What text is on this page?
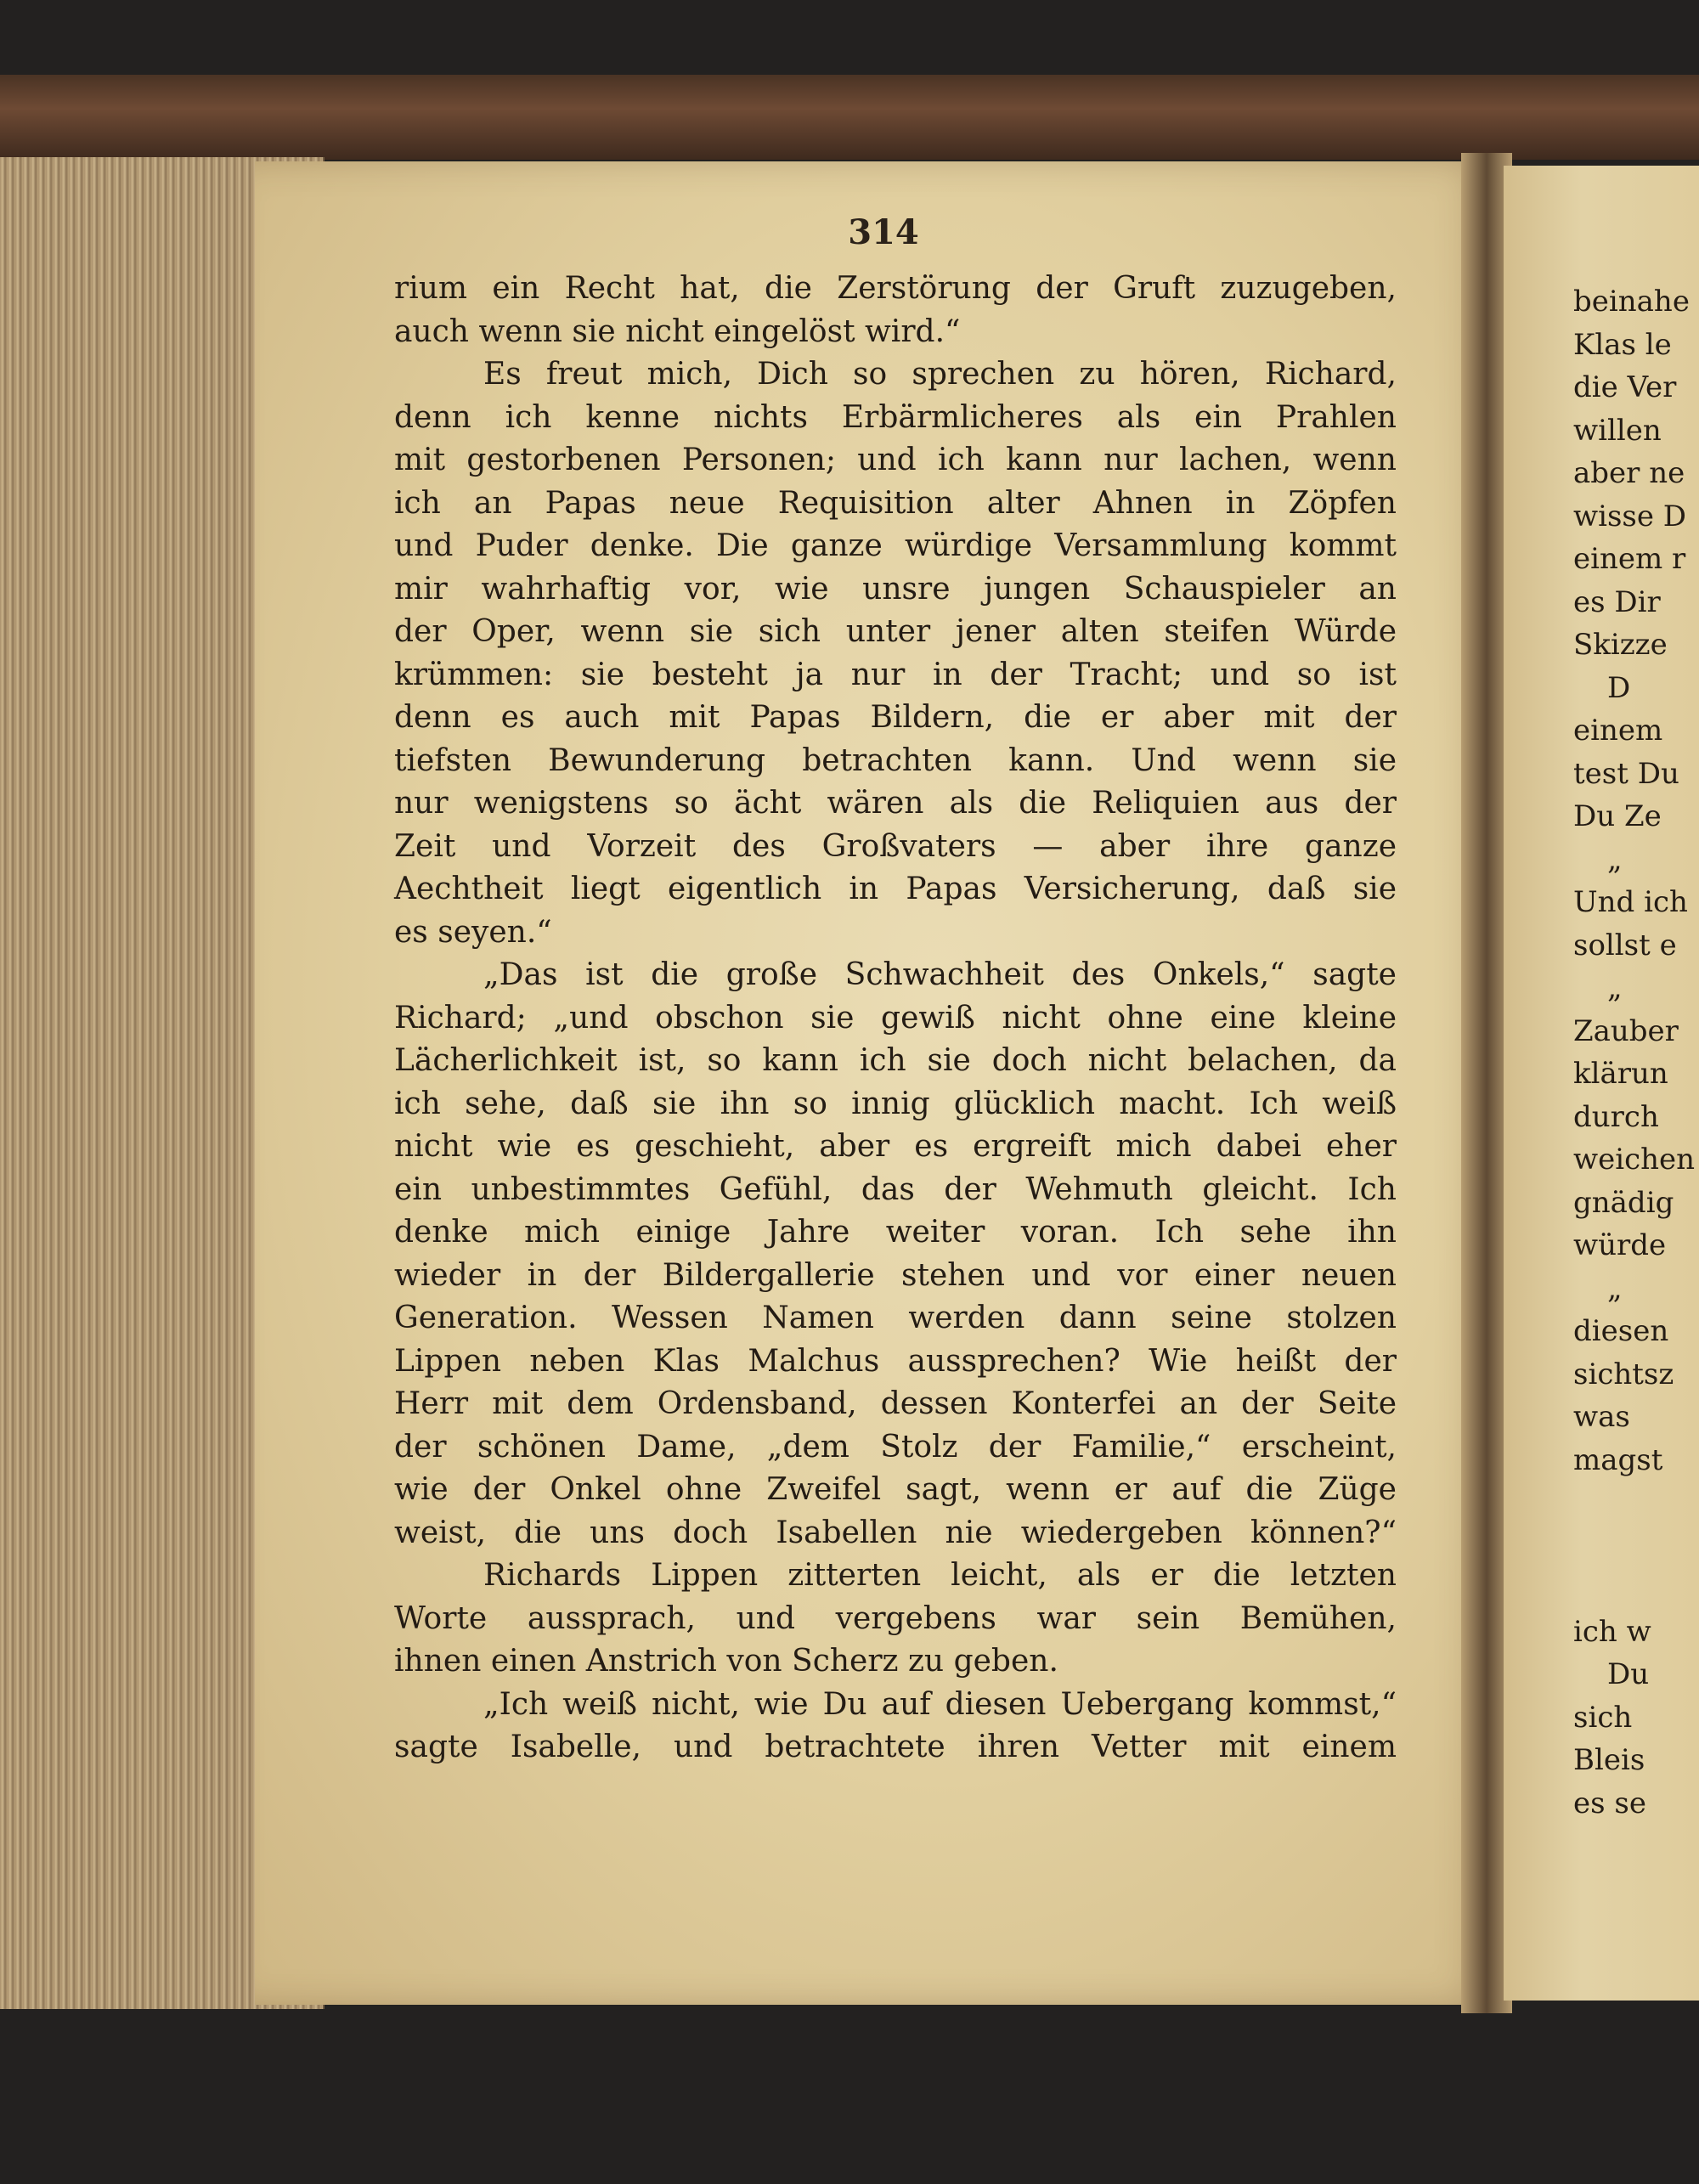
314
rium ein Recht hat, die Zerstörung der Gruft zuzugeben,
auch wenn sie nicht eingelöst wird.“
Es freut mich, Dich so sprechen zu hören, Richard,
denn ich kenne nichts Erbärmlicheres als ein Prahlen
mit gestorbenen Personen; und ich kann nur lachen, wenn
ich an Papas neue Requisition alter Ahnen in Zöpfen
und Puder denke. Die ganze würdige Versammlung kommt
mir wahrhaftig vor, wie unsre jungen Schauspieler an
der Oper, wenn sie sich unter jener alten steifen Würde
krümmen: sie besteht ja nur in der Tracht; und so ist
denn es auch mit Papas Bildern, die er aber mit der
tiefsten Bewunderung betrachten kann. Und wenn sie
nur wenigstens so ächt wären als die Reliquien aus der
Zeit und Vorzeit des Großvaters — aber ihre ganze
Aechtheit liegt eigentlich in Papas Versicherung, daß sie
es seyen.“
„Das ist die große Schwachheit des Onkels,“ sagte
Richard; „und obschon sie gewiß nicht ohne eine kleine
Lächerlichkeit ist, so kann ich sie doch nicht belachen, da
ich sehe, daß sie ihn so innig glücklich macht. Ich weiß
nicht wie es geschieht, aber es ergreift mich dabei eher
ein unbestimmtes Gefühl, das der Wehmuth gleicht. Ich
denke mich einige Jahre weiter voran. Ich sehe ihn
wieder in der Bildergallerie stehen und vor einer neuen
Generation. Wessen Namen werden dann seine stolzen
Lippen neben Klas Malchus aussprechen? Wie heißt der
Herr mit dem Ordensband, dessen Konterfei an der Seite
der schönen Dame, „dem Stolz der Familie,“ erscheint,
wie der Onkel ohne Zweifel sagt, wenn er auf die Züge
weist, die uns doch Isabellen nie wiedergeben können?“
Richards Lippen zitterten leicht, als er die letzten
Worte aussprach, und vergebens war sein Bemühen,
ihnen einen Anstrich von Scherz zu geben.
„Ich weiß nicht, wie Du auf diesen Uebergang kommst,“
sagte Isabelle, und betrachtete ihren Vetter mit einem
beinahe
Klas le
die Ver
willen
aber ne
wisse D
einem r
es Dir
Skizze
D
einem
test Du
Du Ze
„
Und ich
sollst e
„
Zauber
klärun
durch
weichen
gnädig
würde
„
diesen
sichtsz
was
magst
ich w
Du
sich
Bleis
es se
